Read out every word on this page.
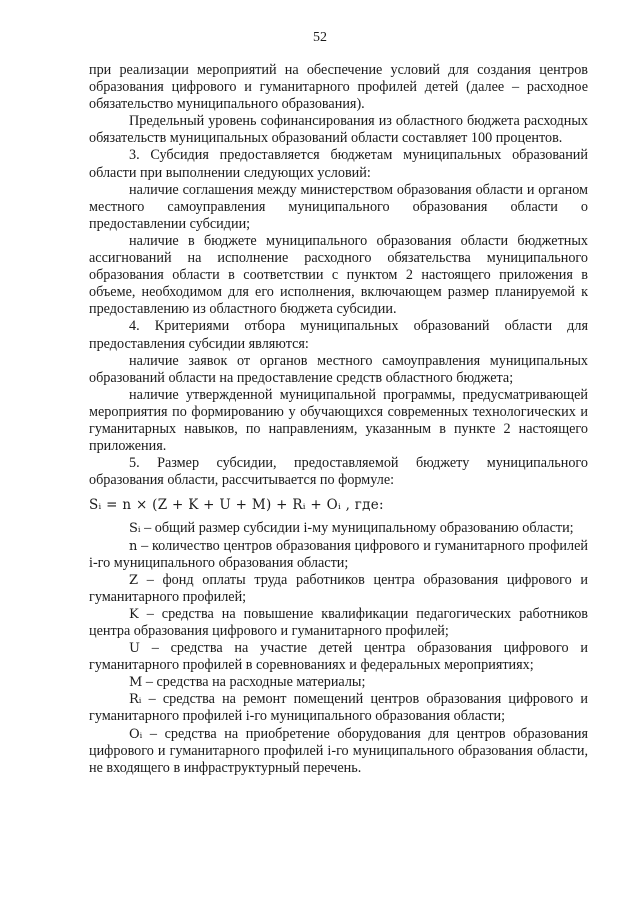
52

при реализации мероприятий на обеспечение условий для создания центров образования цифрового и гуманитарного профилей детей (далее – расходное обязательство муниципального образования).

Предельный уровень софинансирования из областного бюджета расходных обязательств муниципальных образований области составляет 100 процентов.

3. Субсидия предоставляется бюджетам муниципальных образований области при выполнении следующих условий:

наличие соглашения между министерством образования области и органом местного самоуправления муниципального образования области о предоставлении субсидии;

наличие в бюджете муниципального образования области бюджетных ассигнований на исполнение расходного обязательства муниципального образования области в соответствии с пунктом 2 настоящего приложения в объеме, необходимом для его исполнения, включающем размер планируемой к предоставлению из областного бюджета субсидии.

4. Критериями отбора муниципальных образований области для предоставления субсидии являются:

наличие заявок от органов местного самоуправления муниципальных образований области на предоставление средств областного бюджета;

наличие утвержденной муниципальной программы, предусматривающей мероприятия по формированию у обучающихся современных технологических и гуманитарных навыков, по направлениям, указанным в пункте 2 настоящего приложения.

5. Размер субсидии, предоставляемой бюджету муниципального образования области, рассчитывается по формуле:

Sᵢ = n × (Z + K + U + M) + Rᵢ + Oᵢ , где:

Sᵢ – общий размер субсидии i-му муниципальному образованию области;

n – количество центров образования цифрового и гуманитарного профилей i-го муниципального образования области;

Z – фонд оплаты труда работников центра образования цифрового и гуманитарного профилей;

K – средства на повышение квалификации педагогических работников центра образования цифрового и гуманитарного профилей;

U – средства на участие детей центра образования цифрового и гуманитарного профилей в соревнованиях и федеральных мероприятиях;

M – средства на расходные материалы;

Rᵢ – средства на ремонт помещений центров образования цифрового и гуманитарного профилей i-го муниципального образования области;

Oᵢ – средства на приобретение оборудования для центров образования цифрового и гуманитарного профилей i-го муниципального образования области, не входящего в инфраструктурный перечень.
